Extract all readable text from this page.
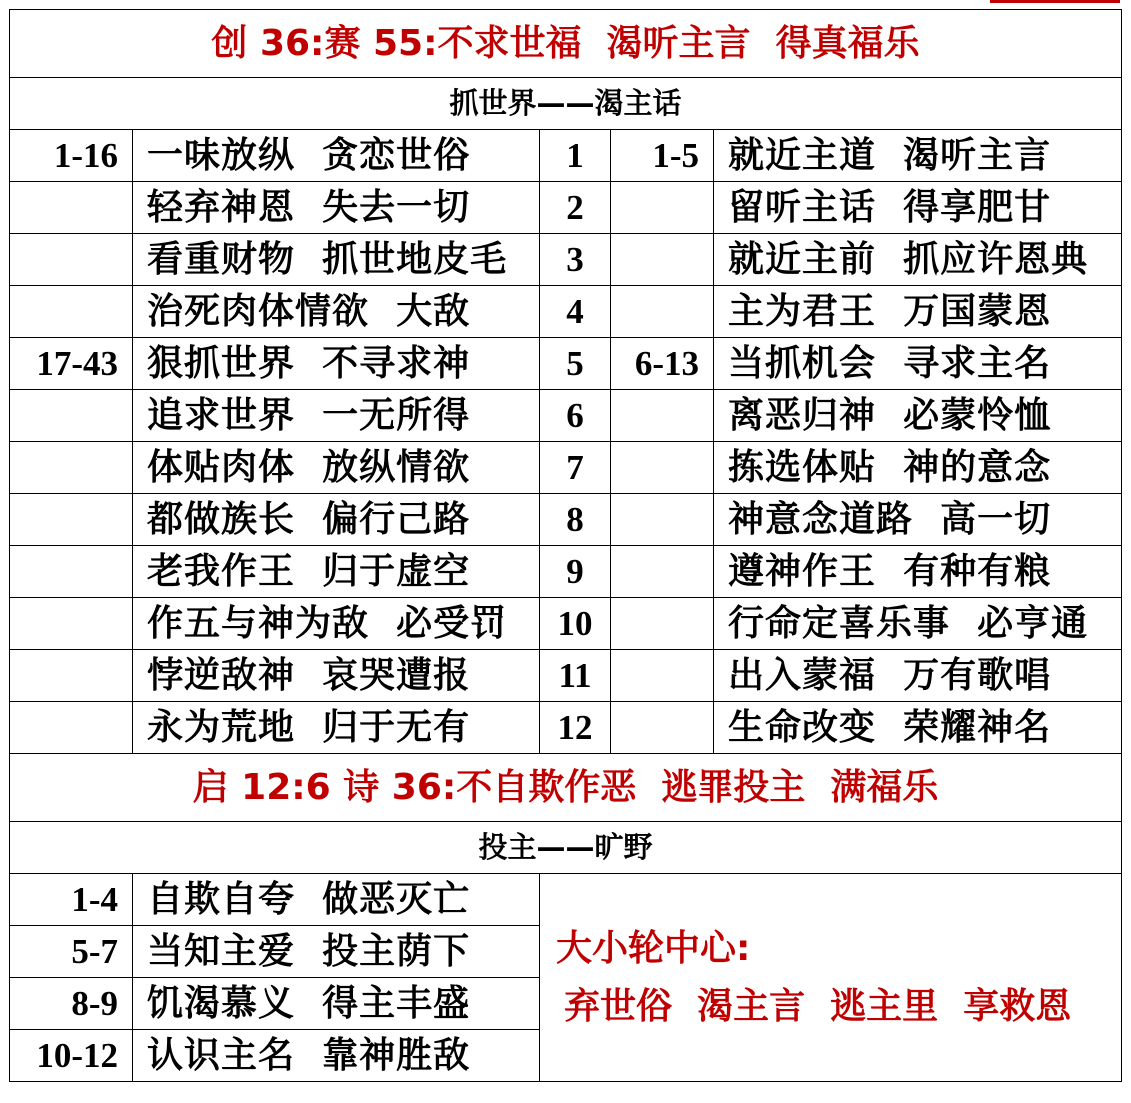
创 36:赛 55:不求世福  渴听主言  得真福乐				
抓世界——渴主话				
1-16	一味放纵  贪恋世俗	1	1-5	就近主道  渴听主言
	轻弃神恩  失去一切	2		留听主话  得享肥甘
	看重财物  抓世地皮毛	3		就近主前  抓应许恩典
	治死肉体情欲  大敌	4		主为君王  万国蒙恩
17-43	狠抓世界  不寻求神	5	6-13	当抓机会  寻求主名
	追求世界  一无所得	6		离恶归神  必蒙怜恤
	体贴肉体  放纵情欲	7		拣选体贴  神的意念
	都做族长  偏行己路	8		神意念道路  高一切
	老我作王  归于虚空	9		遵神作王  有种有粮
	作五与神为敌  必受罚	10		行命定喜乐事  必亨通
	悖逆敌神  哀哭遭报	11		出入蒙福  万有歌唱
	永为荒地  归于无有	12		生命改变  荣耀神名
启 12:6 诗 36:不自欺作恶  逃罪投主  满福乐				
投主——旷野				
1-4	自欺自夸  做恶灭亡	大小轮中心:
弃世俗  渴主言  逃主里  享救恩		

5-7	当知主爱  投主荫下			
8-9	饥渴慕义  得主丰盛			
10-12	认识主名  靠神胜敌			
